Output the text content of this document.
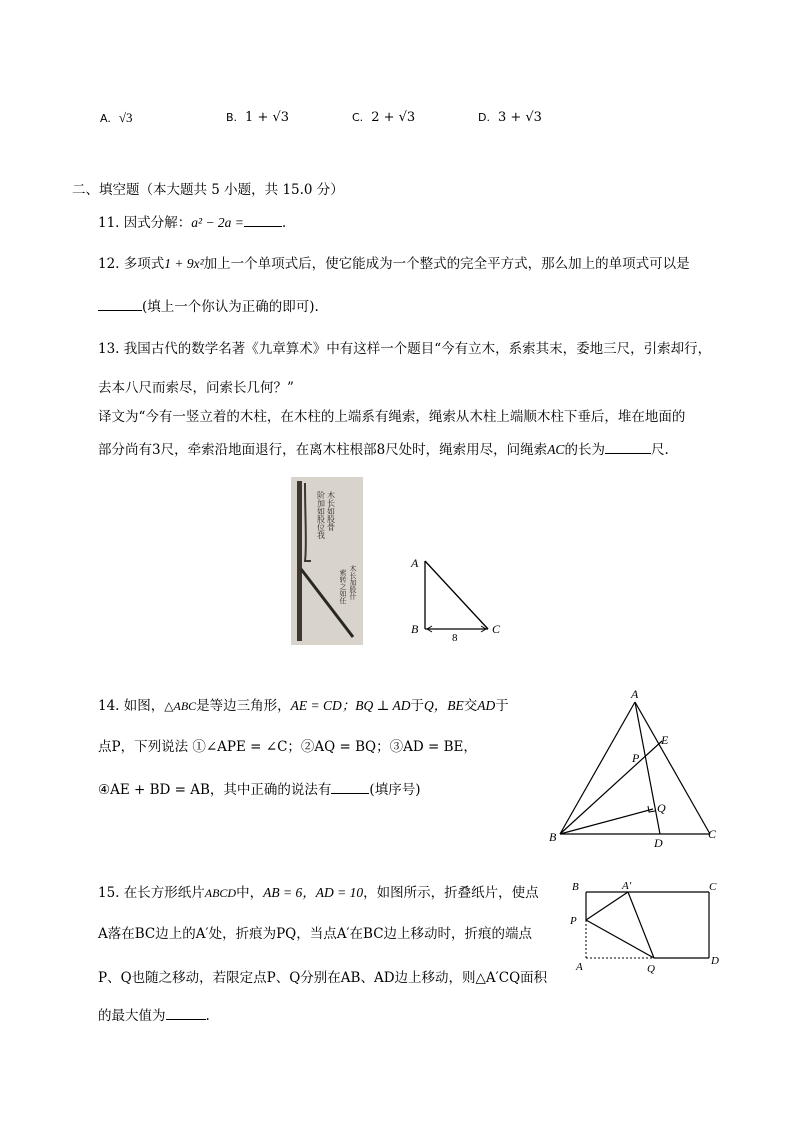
A. √3	B. 1 + √3	C. 2 + √3	D. 3 + √3
二、填空题（本大题共 5 小题，共 15.0 分）
11. 因式分解：a² − 2a =	.
12. 多项式1 + 9x²加上一个单项式后，使它能成为一个整式的完全平方式，那么加上的单项式可以是
(填上一个你认为正确的即可).
13. 我国古代的数学名著《九章算术》中有这样一个题目“今有立木，系索其末，委地三尺，引索却行，
去本八尺而索尽，问索长几何？”
译文为“今有一竖立着的木柱，在木柱的上端系有绳索，绳索从木柱上端顺木柱下垂后，堆在地面的
部分尚有3尺，牵索沿地面退行，在离木柱根部8尺处时，绳索用尽，问绳索AC的长为	尺.
木长如股骨
阶加如股位我
木长加股什
索转之如任
A
B	C
8
14. 如图，△ABC是等边三角形，AE = CD；BQ ⊥ AD于Q，BE交AD于
点P，下列说法 ①∠APE = ∠C；②AQ = BQ；③AD = BE，
④AE + BD = AB，其中正确的说法有	(填序号)
A
B	C
D
E
P
Q
15. 在长方形纸片ABCD中，AB = 6，AD = 10，如图所示，折叠纸片，使点
A落在BC边上的A′处，折痕为PQ，当点A′在BC边上移动时，折痕的端点
P、Q也随之移动，若限定点P、Q分别在AB、AD边上移动，则△A′CQ面积
的最大值为	.
B	A′	C
P
A	Q
D
